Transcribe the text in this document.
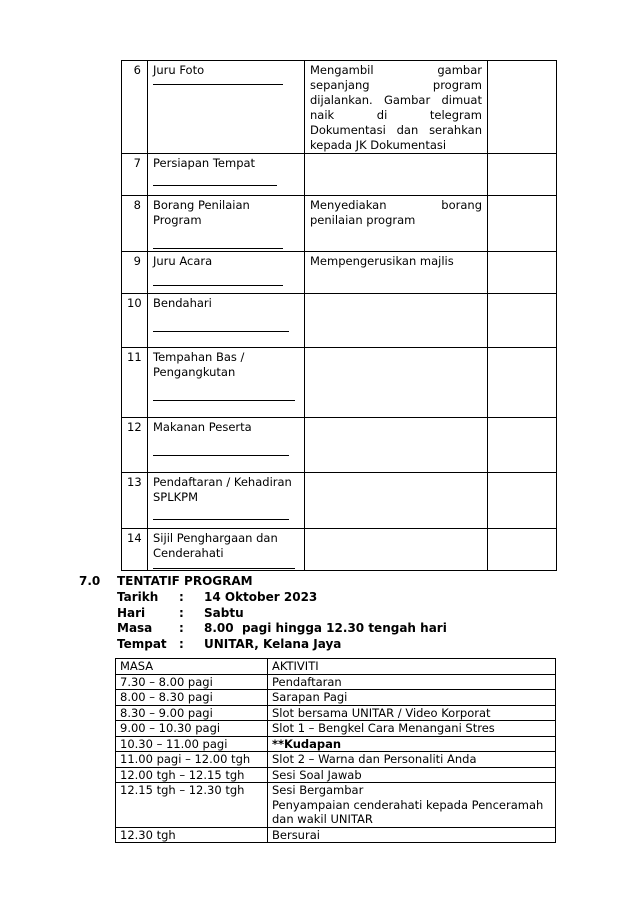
6	Juru Foto	Mengambil gambar sepanjang program dijalankan. Gambar dimuat naik di telegram Dokumentasi dan serahkan kepada JK Dokumentasi	
7	Persiapan Tempat

8	Borang Penilaian Program	Menyediakan borang penilaian program	
9	Juru Acara	Mempengerusikan majlis	
10	Bendahari

11	Tempahan Bas / Pengangkutan		

12	Makanan Peserta

13	Pendaftaran / Kehadiran SPLKPM		

14	Sijil Penghargaan dan Cenderahati		

7.0 TENTATIF PROGRAM
Tarikh : 14 Oktober 2023
Hari	: Sabtu
Masa : 8.00  pagi hingga 12.30 tengah hari
Tempat : UNITAR, Kelana Jaya
MASA	AKTIVITI
7.30 – 8.00 pagi	Pendaftaran
8.00 – 8.30 pagi	Sarapan Pagi
8.30 – 9.00 pagi	Slot bersama UNITAR / Video Korporat
9.00 – 10.30 pagi	Slot 1 – Bengkel Cara Menangani Stres
10.30 – 11.00 pagi	**Kudapan
11.00 pagi – 12.00 tgh	Slot 2 – Warna dan Personaliti Anda
12.00 tgh – 12.15 tgh	Sesi Soal Jawab
12.15 tgh – 12.30 tgh	Sesi Bergambar
Penyampaian cenderahati kepada Penceramah dan wakil UNITAR

12.30 tgh	Bersurai
